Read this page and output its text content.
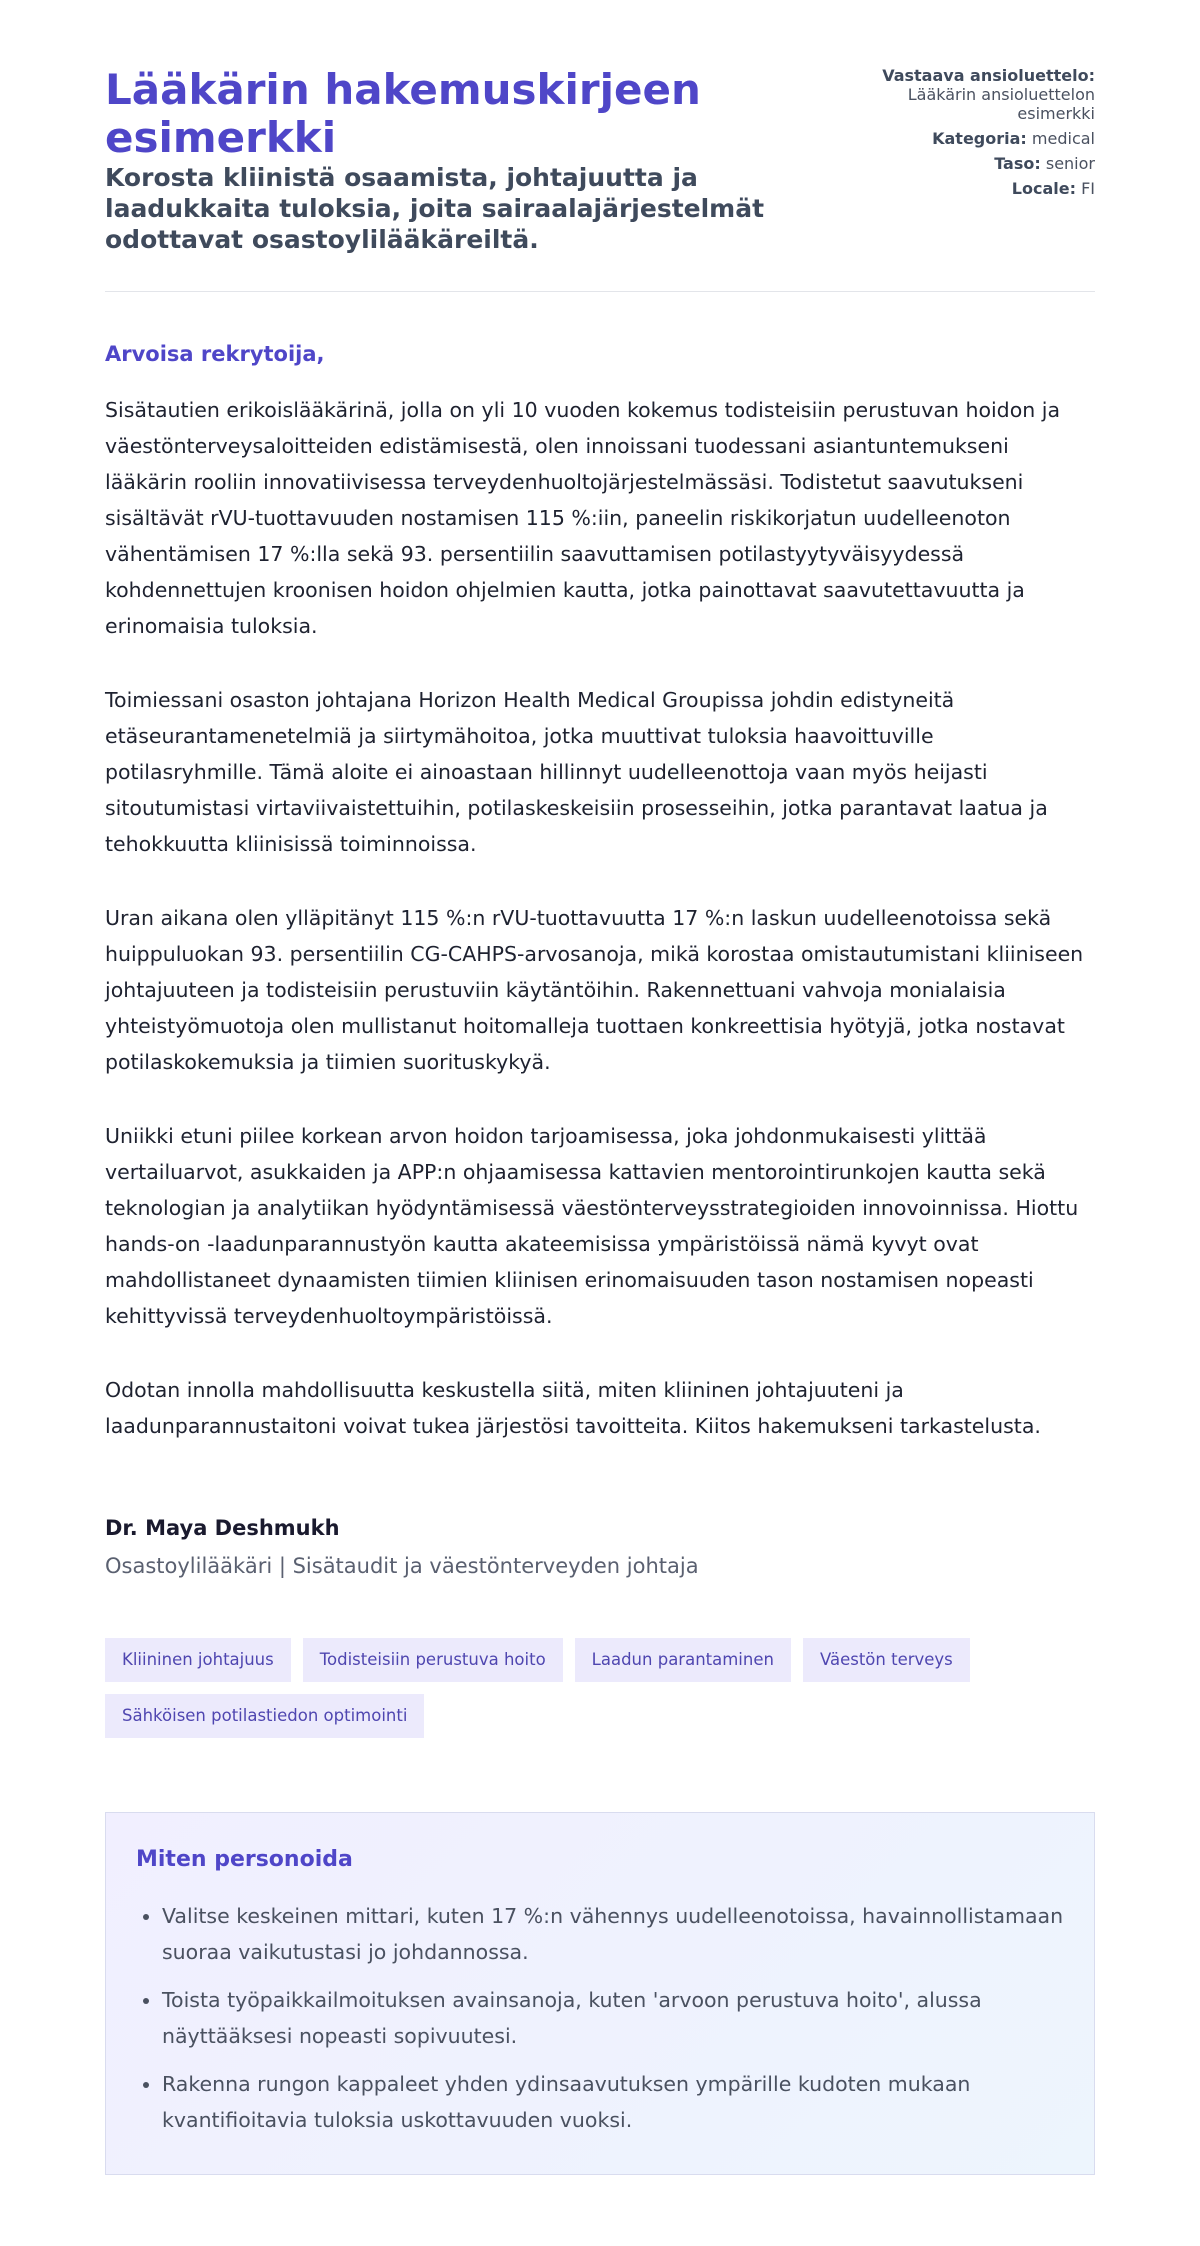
Lääkärin hakemuskirjeen esimerkki

Korosta kliinistä osaamista, johtajuutta ja laadukkaita tuloksia, joita sairaalajärjestelmät odottavat osastoylilääkäreiltä.

Vastaava ansioluettelo: Lääkärin ansioluettelon esimerkki
Kategoria: medical
Taso: senior
Locale: FI

Arvoisa rekrytoija,

Sisätautien erikoislääkärinä, jolla on yli 10 vuoden kokemus todisteisiin perustuvan hoidon ja väestönterveysaloitteiden edistämisestä, olen innoissani tuodessani asiantuntemukseni lääkärin rooliin innovatiivisessa terveydenhuoltojärjestelmässäsi. Todistetut saavutukseni sisältävät rVU-tuottavuuden nostamisen 115 %:iin, paneelin riskikorjatun uudelleenoton vähentämisen 17 %:lla sekä 93. persentiilin saavuttamisen potilastyytyväisyydessä kohdennettujen kroonisen hoidon ohjelmien kautta, jotka painottavat saavutettavuutta ja erinomaisia tuloksia.

Toimiessani osaston johtajana Horizon Health Medical Groupissa johdin edistyneitä etäseurantamenetelmiä ja siirtymähoitoa, jotka muuttivat tuloksia haavoittuville potilasryhmille. Tämä aloite ei ainoastaan hillinnyt uudelleenottoja vaan myös heijasti sitoutumistasi virtaviivaistettuihin, potilaskeskeisiin prosesseihin, jotka parantavat laatua ja tehokkuutta kliinisissä toiminnoissa.

Uran aikana olen ylläpitänyt 115 %:n rVU-tuottavuutta 17 %:n laskun uudelleenotoissa sekä huippuluokan 93. persentiilin CG-CAHPS-arvosanoja, mikä korostaa omistautumistani kliiniseen johtajuuteen ja todisteisiin perustuviin käytäntöihin. Rakennettuani vahvoja monialaisia yhteistyömuotoja olen mullistanut hoitomalleja tuottaen konkreettisia hyötyjä, jotka nostavat potilaskokemuksia ja tiimien suorituskykyä.

Uniikki etuni piilee korkean arvon hoidon tarjoamisessa, joka johdonmukaisesti ylittää vertailuarvot, asukkaiden ja APP:n ohjaamisessa kattavien mentorointirunkojen kautta sekä teknologian ja analytiikan hyödyntämisessä väestönterveysstrategioiden innovoinnissa. Hiottu hands-on -laadunparannustyön kautta akateemisissa ympäristöissä nämä kyvyt ovat mahdollistaneet dynaamisten tiimien kliinisen erinomaisuuden tason nostamisen nopeasti kehittyvissä terveydenhuoltoympäristöissä.

Odotan innolla mahdollisuutta keskustella siitä, miten kliininen johtajuuteni ja laadunparannustaitoni voivat tukea järjestösi tavoitteita. Kiitos hakemukseni tarkastelusta.

Dr. Maya Deshmukh

Osastoylilääkäri | Sisätaudit ja väestönterveyden johtaja

Kliininen johtajuus	Todisteisiin perustuva hoito	Laadun parantaminen	Väestön terveys
Sähköisen potilastiedon optimointi
Miten personoida
• Valitse keskeinen mittari, kuten 17 %:n vähennys uudelleenotoissa, havainnollistamaan suoraa vaikutustasi jo johdannossa.
• Toista työpaikkailmoituksen avainsanoja, kuten 'arvoon perustuva hoito', alussa näyttääksesi nopeasti sopivuutesi.
• Rakenna rungon kappaleet yhden ydinsaavutuksen ympärille kudoten mukaan kvantifioitavia tuloksia uskottavuuden vuoksi.
